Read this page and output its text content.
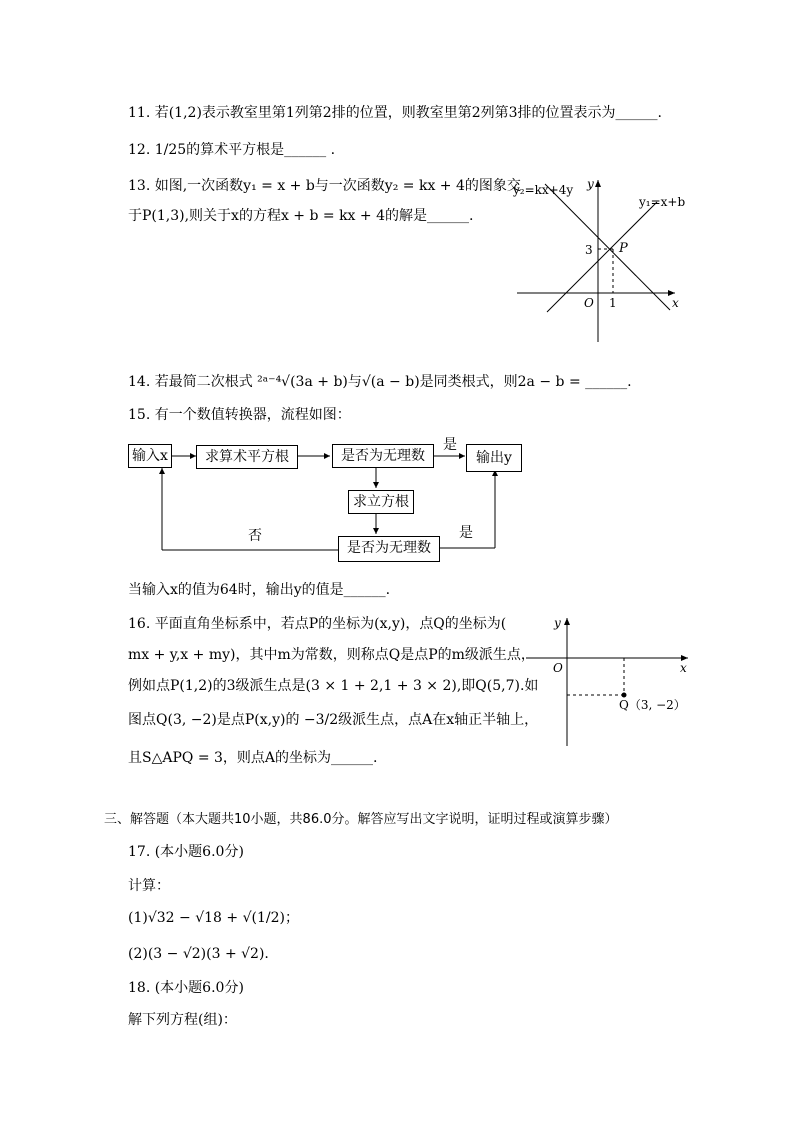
11. 若(1,2)表示教室里第1列第2排的位置，则教室里第2列第3排的位置表示为______.
12. 1/25的算术平方根是______ .
13. 如图,一次函数y₁ = x + b与一次函数y₂ = kx + 4的图象交
于P(1,3),则关于x的方程x + b = kx + 4的解是______.
y₂=kx+4y
y₁=x+b
y
x
P
O
3
1
14. 若最简二次根式 ²ᵃ⁻⁴√(3a + b)与√(a − b)是同类根式，则2a − b = ______.
15. 有一个数值转换器，流程如图：
输入x	求算术平方根	是否为无理数	输出y
求立方根
是否为无理数
是
是
否
当输入x的值为64时，输出y的值是______.
16. 平面直角坐标系中，若点P的坐标为(x,y)，点Q的坐标为(
mx + y,x + my)，其中m为常数，则称点Q是点P的m级派生点，
例如点P(1,2)的3级派生点是(3 × 1 + 2,1 + 3 × 2),即Q(5,7).如
图点Q(3, −2)是点P(x,y)的 −3/2级派生点，点A在x轴正半轴上，
且S△APQ = 3，则点A的坐标为______.
y
x
O
Q（3, −2）
三、解答题（本大题共10小题，共86.0分。解答应写出文字说明，证明过程或演算步骤）
17. (本小题6.0分)
计算：
(1)√32 − √18 + √(1/2)；
(2)(3 − √2)(3 + √2).
18. (本小题6.0分)
解下列方程(组)：
